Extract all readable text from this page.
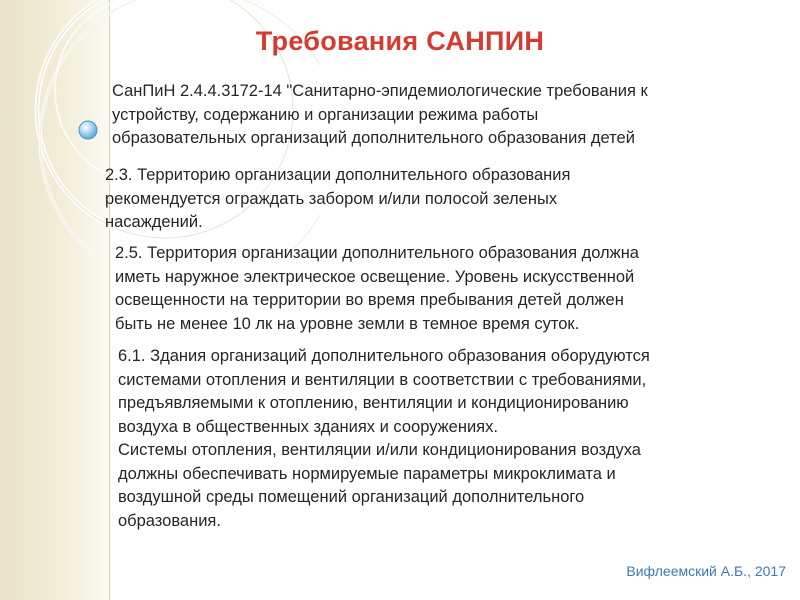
Требования САНПИН

СанПиН 2.4.4.3172-14 "Санитарно-эпидемиологические требования к
устройству, содержанию и организации режима работы
образовательных организаций дополнительного образования детей

2.3. Территорию организации дополнительного образования
рекомендуется ограждать забором и/или полосой зеленых
насаждений.

2.5. Территория организации дополнительного образования должна
иметь наружное электрическое освещение. Уровень искусственной
освещенности на территории во время пребывания детей должен
быть не менее 10 лк на уровне земли в темное время суток.

6.1. Здания организаций дополнительного образования оборудуются
системами отопления и вентиляции в соответствии с требованиями,
предъявляемыми к отоплению, вентиляции и кондиционированию
воздуха в общественных зданиях и сооружениях.
Системы отопления, вентиляции и/или кондиционирования воздуха
должны обеспечивать нормируемые параметры микроклимата и
воздушной среды помещений организаций дополнительного
образования.

Вифлеемский А.Б., 2017
